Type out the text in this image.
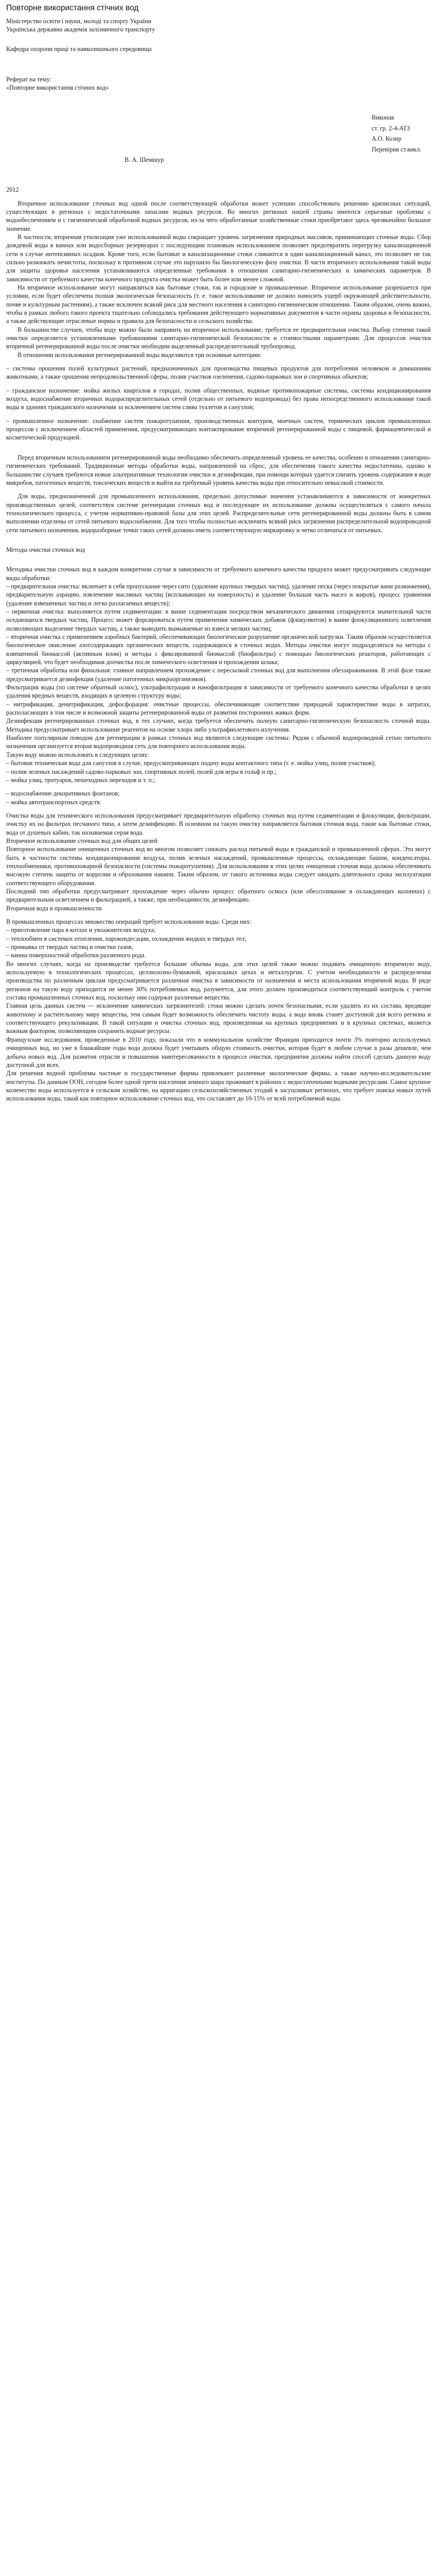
Повторне використання стічних вод
Міністерство освіти і науки, молоді та спорту України
Українська державна академія залізничного транспорту
Кафедра охорони праці та навколишнього середовища
Реферат на тему:
«Повторне використання стічних вод»
Виконав
ст. гр. 2-4-ATЗ
А.О. Козир
Перевірив ст.викл.
В. А. Шемшур
2012

Вторичное использование сточных вод одной после соответствующей обработки может успешно способствовать решению кризисных ситуаций, существующих в регионах с недостаточными запасами водных ресурсов. Во многих регионах нашей страны имеются серьезные проблемы с водообеспечением и с гигиенической обработкой водных ресурсов, из-за чего обработанные хозяйственные стоки приобретают здесь чрезвычайно большое значение.

В частности, вторичная утилизация уже использованной воды сокращает уровень загрязнения природных массивов, принимающих сточные воды. Сбор дождевой воды в ваннах или водосборных резервуарах с последующим плановым использованием позволяет предотвратить перегрузку канализационной сети в случае интенсивных осадков. Кроме того, если бытовые и канализационные стоки сливаются в один канализационный канал, это позволяет не так сильно разжижать нечистоты, поскольку в противном случае это нарушило бы биологическую фазу очистки. В части вторичного использования такой воды для защиты здоровья населения устанавливаются определенные требования в отношении санитарно-гигиенических и химических параметров. В зависимости от требуемого качества конечного продукта очистка может быть более или менее сложной.

На вторичное использование могут направляться как бытовые стоки, так и городские и промышленные. Вторичное использование разрешается при условии, если будет обеспечена полная экологическая безопасность (т. е. такое использование не должно наносить ущерб окружающей действительности, почве и культурным растениям), а также исключен всякий риск для местного населения в санитарно-гигиеническом отношении. Таким образом, очень важно, чтобы в рамках любого такого проекта тщательно соблюдались требования действующего нормативных документов в части охраны здоровья и безопасности, а также действующие отраслевые нормы и правила для безопасности и сельского хозяйства.

В большинстве случаев, чтобы воду можно было направить на вторичное использование, требуется ее предварительная очистка. Выбор степени такой очистки определяется установленными требованиями санитарно-гигиенической безопасности и стоимостными параметрами. Для процессов очистки вторичной регенерированной воды после очистки необходим выделенный распределительный трубопровод.

В отношении использования регенерированной воды выделяются три основные категории:

– системы орошения полей культурных растений, предназначенных для производства пищевых продуктов для потребления человеком и домашними животными, а также орошения непродовольственной сферы, полив участков озеленения, садово-парковых зон и спортивных объектов;
– гражданское назначение: мойка жилых кварталов в городах, полив общественных, водяные противопожарные системы, системы кондиционирования воздуха, водоснабжение вторичных водораспределительных сетей (отдельно от питьевого водопровода) без права непосредственного использования такой воды в зданиях гражданского назначения за исключением систем слива туалетов и санузлов;
– промышленное назначение: снабжение систем пожаротушения, производственных контуров, моечных систем, термических циклов промышленных процессов с исключением областей применения, предусматривающих контактирование вторичной регенерированной воды с пищевой, фармацевтической и косметической продукцией.

Перед вторичным использованием регенерированной воды необходимо обеспечить определенный уровень ее качества, особенно в отношении санитарно-гигиенических требований. Традиционные методы обработки воды, направленной на сброс, для обеспечения такого качества недостаточны, однако в большинстве случаев требуются новые альтернативные технологии очистки и дезинфекции, при помощи которых удается снизить уровень содержания в воде микробов, патогенных веществ, токсических веществ и выйти на требуемый уровень качества воды при относительно невысокой стоимости.

Для воды, предназначенной для промышленного использования, предельно допустимые значения устанавливаются в зависимости от конкретных производственных целей, соответствуя системе регенерации сточных вод и последующее их использование должны осуществляться с самого начала технологического процесса, с учетом нормативно-правовой базы для этих целей. Распределительные сети регенерированной воды должны быть в самом выполнении отделены от сетей питьевого водоснабжения. Для того чтобы полностью исключить всякий риск загрязнения распределительной водопроводной сети питьевого назначения, водоразборные точки таких сетей должны иметь соответствующую маркировку и четко отличаться от питьевых.

Методы очистки сточных вод

Методика очистки сточных вод в каждом конкретном случае в зависимости от требуемого конечного качества продукта может предусматривать следующие виды обработки:

– предварительная очистка: включает в себя пропускание через сито (удаление крупных твердых частиц), удаление песка (через покрытые вани разжижения), предварительную аэрацию, извлечение масляных частиц (всплывающих на поверхность) и удаление большая часть масел и жиров), процесс уравнения (удаление взвешенных частиц и легко разлагаемых веществ);

– первичная очистка: выполняется путем седиментации: в ванне седиментации посредством механического движения сепарируются значительной части оседающихся твердых частиц. Процесс может форсироваться путем применения химических добавок (флокулянтов) в ванне флокуляционного осветления позволяющих выделение твердых частиц, а также выводить вымываемые из взвеси мелких частиц;

– вторичная очистка с применением аэробных бактерий, обеспечивающих биологическое разрушение органической нагрузки. Таким образом осуществляется биологическое окисление азотсодержащих органических веществ, содержащихся в сточных водах. Методы очистки могут подразделяться на методы с взвешенной биомассой (активным илом) и методы с фиксированной биомассой (биофильтры) с помощью биологических реакторов, работающих с циркуляцией, что будет необходимая доочистка после химического осветления и прохождения шлака;

– третичная обработка или финальная: главное направлением прохождение с пересылкой сточных вод для выполнения обеззараживания. В этой фазе также предусматривается дезинфекция (удаление патогенных микроорганизмов).

Фильтрация воды (по системе обратный осмос), ультрафильтрация и нанофильтрация в зависимости от требуемого конечного качества обработки в целях удаления вредных веществ, входящих в целевую структуру воды;

– нитрификация, денитрификация, дефосфорация: очистные процессы, обеспечивающие соответствие природной характеристике воды в затратах, располагающих в том числе и возможной защиты регенерированной воды от развития посторонних живых форм.

Дезинфекция регенерированных сточных вод, в тех случаях, когда требуется обеспечить полную санитарно-гигиеническую безопасность сточной воды. Методика предусматривает использование реагентов на основе хлора либо ультрафиолетового излучения.

Наиболее популярным поводом для регенерации в рамках сточных вод являются следующие системы: Рядом с обычной водопроводной сетью питьевого назначения организуется вторая водопроводная сеть для повторного использования воды.

Такую воду можно использовать в следующих целях:

– бытовая техническая вода для санузлов в случае, предусматривающих подачу воды контактного типа (т. е. мойка улиц, полив участков);
– полив зеленых насаждений садово-парковых зон, спортивных полей, полей для игры в гольф и пр.;
– мойка улиц, тротуаров, пешеходных переходов и т. п.;
– водоснабжение декоративных фонтанов;
– мойка автотранспортных средств.

Очистка воды для технического использования предусматривает предварительную обработку сточных вод путем седиментации и флокуляции, фильтрации, очистку их на фильтрах песчаного типа, а затем дезинфекцию. В основном на такую очистку направляется бытовая сточная вода, такие как бытовые стоки, вода от душевых кабин, так называемая серая вода.

Вторичное использование сточных вод для общих целей

Повторное использование очищенных сточных вод во многом позволяет снижать расход питьевой воды в гражданской и промышленной сферах. Это могут быть в частности системы кондиционирования воздуха, полив зеленых насаждений, промышленные процессы, охлаждающие башни, конденсаторы, теплообменники, противопожарной безопасности (системы пожаротушения). Для использования в этих целях очищенная сточная вода должна обеспечивать высокую степень защиты от коррозии и образования накипи. Таким образом, от такого источника воды следует ожидать длительного срока эксплуатации соответствующего оборудования.

Последний тип обработки предусматривает прохождение через обычно процесс обратного осмоса (или обессоливание в охлаждающих колоннах) с предварительным осветлением и фильтрацией, а также, при необходимости, дезинфекцию.

Вторичная вода в промышленности

В промышленных процессах множество операций требует использования воды. Среди них:

– приготовление пара в котлах и увлажнителях воздуха;
– теплообмен в системах отопления, парокондесации, охлаждения жидких и твердых тел;
– промывка от твердых частиц и очистки газов;
– ванны поверхностной обработки различного рода.

Во многих случаях, когда на производстве требуется большие объемы воды, для этих целей также можно подавать очищенную вторичную воду, используемую в технологических процессах, целлюлозно-бумажной, красильных цехах и металлургии. С учетом необходимости и распределения производства по различным циклам предусматривается различная очистка в зависимости от назначения и места использования вторичной воды. В ряде регионов на такую воду приходится не менее 30% потребляемых вод, разумеется, для этого должен производиться соответствующий контроль с учетом состава промышленных сточных вод, поскольку они содержат различные вещества.

Главная цель данных систем — исключение химических загрязнителей: стоки можно сделать почти безопасными, если удалить из их состава, вредящие животному и растительному миру вещества, тем самым будет возможность обеспечить чистоту воды, а вода вновь станет доступной для всего региона и соответствующего рекультивации. В такой ситуации и очистка сточных вод, произведенная на крупных предприятиях и в крупных системах, является важным фактором, позволяющим сохранить водные ресурсы.

Французские исследования, проведенные в 2010 году, показали что в коммунальном хозяйстве Франции приходится почти 3% повторно используемых очищенных вод, но уже в ближайшие годы вода должна будет учитывать общую стоимость очистки, которая будет в любом случае в разы дешевле, чем добыча новых вод. Для развития отрасли и повышения заинтересованности в процессе очистки, предприятия должны найти способ сделать данную воду доступной для всех.

Для решения водной проблемы частные и государственные фирмы привлекают различные экологические фирмы, а также научно-исследовательские институты. По данным ООН, сегодня более одной трети населения земного шара проживает в районах с недостаточными водными ресурсами. Самое крупное количество воды используется в сельском хозяйстве, на ирригацию сельскохозяйственных угодий в засушливых регионах, что требует поиска новых путей использования воды, такой как повторное использование сточных вод, что составляет до 10-15% от всей потребляемой воды.
